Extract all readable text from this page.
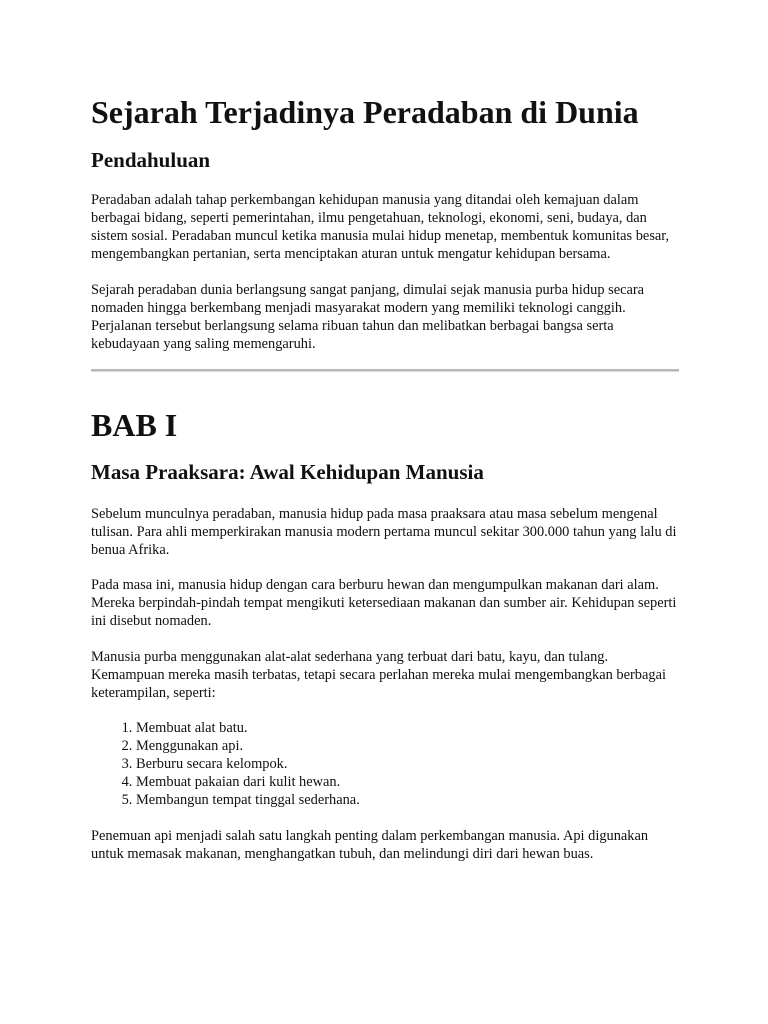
Sejarah Terjadinya Peradaban di Dunia
Pendahuluan

Peradaban adalah tahap perkembangan kehidupan manusia yang ditandai oleh kemajuan dalam berbagai bidang, seperti pemerintahan, ilmu pengetahuan, teknologi, ekonomi, seni, budaya, dan sistem sosial. Peradaban muncul ketika manusia mulai hidup menetap, membentuk komunitas besar, mengembangkan pertanian, serta menciptakan aturan untuk mengatur kehidupan bersama.

Sejarah peradaban dunia berlangsung sangat panjang, dimulai sejak manusia purba hidup secara nomaden hingga berkembang menjadi masyarakat modern yang memiliki teknologi canggih. Perjalanan tersebut berlangsung selama ribuan tahun dan melibatkan berbagai bangsa serta kebudayaan yang saling memengaruhi.

BAB I
Masa Praaksara: Awal Kehidupan Manusia

Sebelum munculnya peradaban, manusia hidup pada masa praaksara atau masa sebelum mengenal tulisan. Para ahli memperkirakan manusia modern pertama muncul sekitar 300.000 tahun yang lalu di benua Afrika.

Pada masa ini, manusia hidup dengan cara berburu hewan dan mengumpulkan makanan dari alam. Mereka berpindah-pindah tempat mengikuti ketersediaan makanan dan sumber air. Kehidupan seperti ini disebut nomaden.

Manusia purba menggunakan alat-alat sederhana yang terbuat dari batu, kayu, dan tulang. Kemampuan mereka masih terbatas, tetapi secara perlahan mereka mulai mengembangkan berbagai keterampilan, seperti:

1. Membuat alat batu.
2. Menggunakan api.
3. Berburu secara kelompok.
4. Membuat pakaian dari kulit hewan.
5. Membangun tempat tinggal sederhana.

Penemuan api menjadi salah satu langkah penting dalam perkembangan manusia. Api digunakan untuk memasak makanan, menghangatkan tubuh, dan melindungi diri dari hewan buas.
